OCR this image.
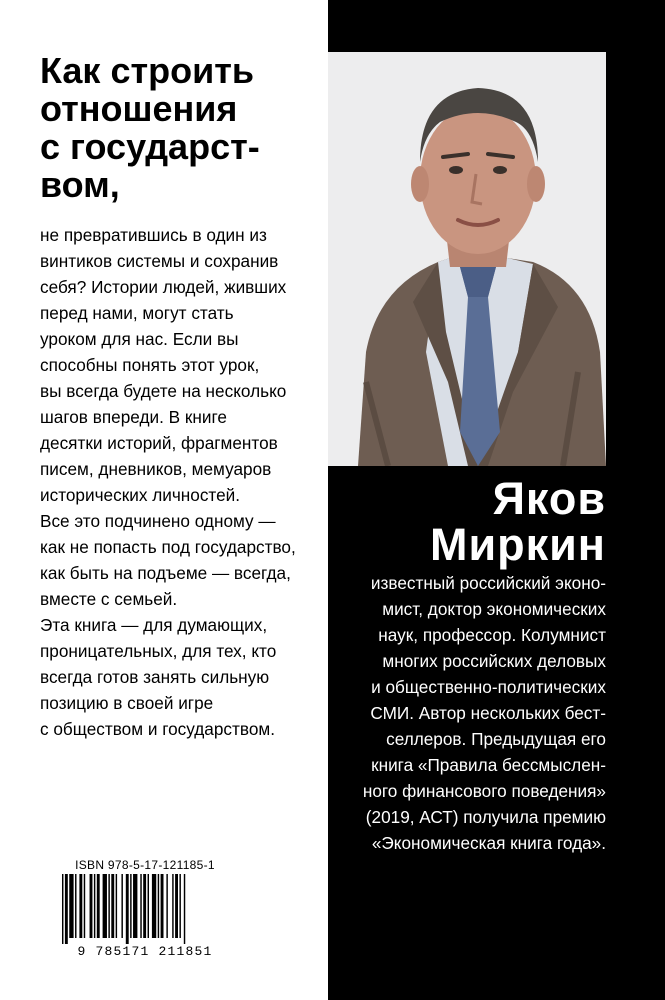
Как строить
отношения
с государст-
вом,
не превратившись в один из
винтиков системы и сохранив
себя? Истории людей, живших
перед нами, могут стать
уроком для нас. Если вы
способны понять этот урок,
вы всегда будете на несколько
шагов впереди. В книге
десятки историй, фрагментов
писем, дневников, мемуаров
исторических личностей.
Все это подчинено одному —
как не попасть под государство,
как быть на подъеме — всегда,
вместе с семьей.
Эта книга — для думающих,
проницательных, для тех, кто
всегда готов занять сильную
позицию в своей игре
с обществом и государством.
Яков
Миркин
известный российский эконо-
мист, доктор экономических
наук, профессор. Колумнист
многих российских деловых
и общественно-политических
СМИ. Автор нескольких бест-
селлеров. Предыдущая его
книга «Правила бессмыслен-
ного финансового поведения»
(2019, АСТ) получила премию
«Экономическая книга года».
ISBN 978-5-17-121185-1
9 785171 211851
